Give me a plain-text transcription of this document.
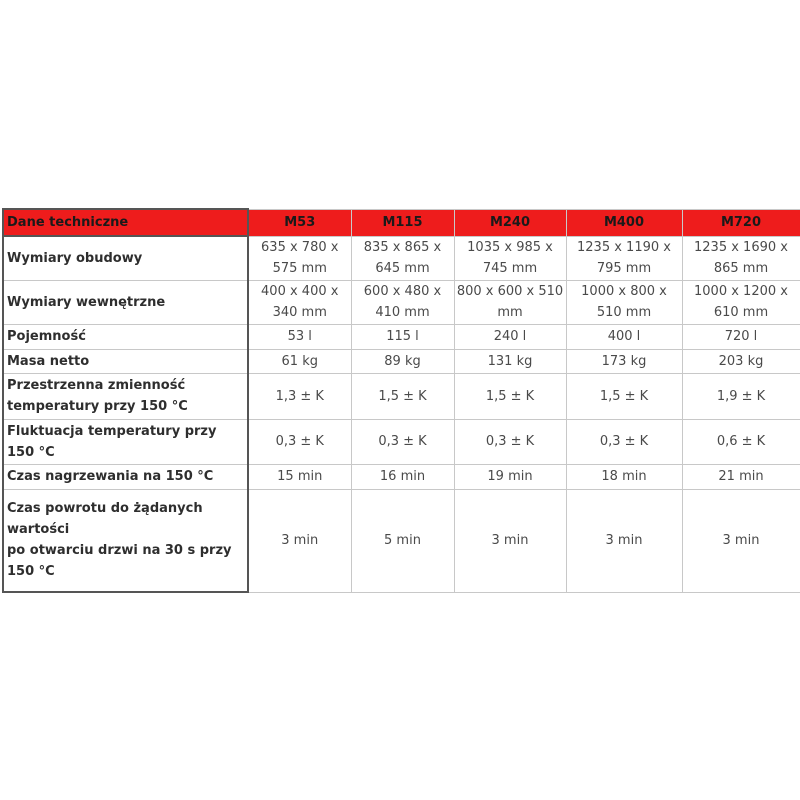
Dane techniczne	M53	M115	M240	M400	M720
Wymiary obudowy	635 x 780 x 575 mm	835 x 865 x 645 mm	1035 x 985 x 745 mm	1235 x 1190 x 795 mm	1235 x 1690 x 865 mm
Wymiary wewnętrzne	400 x 400 x 340 mm	600 x 480 x 410 mm	800 x 600 x 510 mm	1000 x 800 x 510 mm	1000 x 1200 x 610 mm
Pojemność	53 l	115 l	240 l	400 l	720 l
Masa netto	61 kg	89 kg	131 kg	173 kg	203 kg
Przestrzenna zmienność temperatury przy 150 °C	1,3 ± K	1,5 ± K	1,5 ± K	1,5 ± K	1,9 ± K
Fluktuacja temperatury przy 150 °C	0,3 ± K	0,3 ± K	0,3 ± K	0,3 ± K	0,6 ± K
Czas nagrzewania na 150 °C	15 min	16 min	19 min	18 min	21 min

Czas powrotu do żądanych wartości
po otwarciu drzwi na 30 s przy 150 °C	3 min	5 min	3 min	3 min	3 min
